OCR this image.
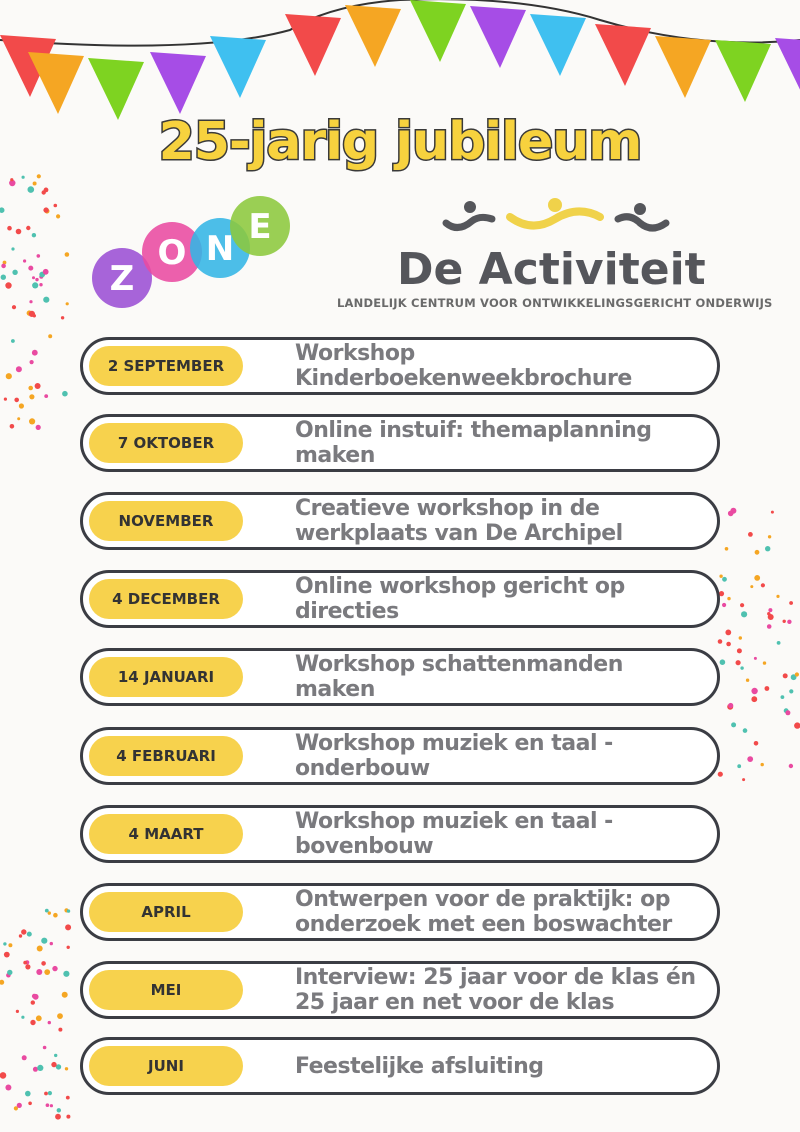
25-jarig jubileum
Z
O N
E
De Activiteit
LANDELIJK CENTRUM VOOR ONTWIKKELINGSGERICHT ONDERWIJS
2 SEPTEMBER	Workshop Kinderboekenweekbrochure
7 OKTOBER	Online instuif: themaplanning maken
NOVEMBER	Creatieve workshop in de werkplaats van De Archipel
4 DECEMBER	Online workshop gericht op directies
14 JANUARI	Workshop schattenmanden maken
4 FEBRUARI	Workshop muziek en taal - onderbouw
4 MAART	Workshop muziek en taal - bovenbouw
APRIL	Ontwerpen voor de praktijk: op onderzoek met een boswachter
MEI	Interview: 25 jaar voor de klas én 25 jaar en net voor de klas
JUNI	Feestelijke afsluiting
